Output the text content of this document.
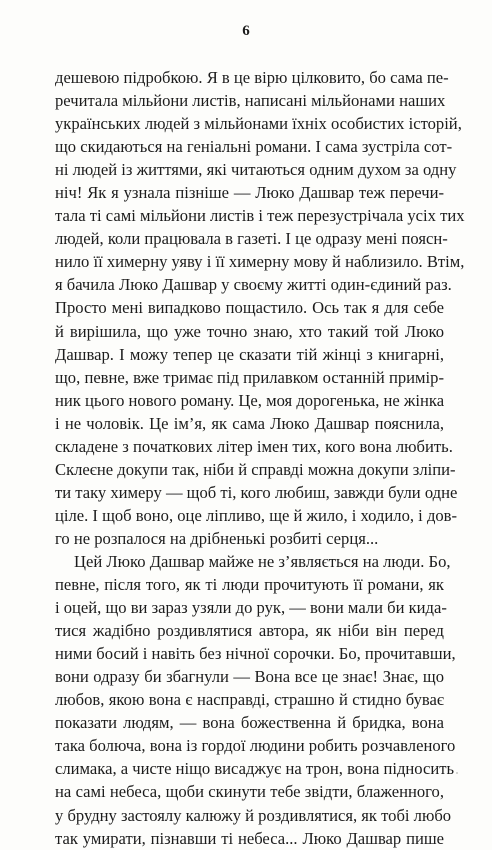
6
дешевою підробкою. Я в це вірю цілковито, бо сама пе-
речитала мільйони листів, написані мільйонами наших
українських людей з мільйонами їхніх особистих історій,
що скидаються на геніальні романи. І сама зустріла сот-
ні людей із життями, які читаються одним духом за одну
ніч! Як я узнала пізніше — Люко Дашвар теж перечи-
тала ті самі мільйони листів і теж перезустрічала усіх тих
людей, коли працювала в газеті. І це одразу мені поясн-
нило її химерну уяву і її химерну мову й наблизило. Втім,
я бачила Люко Дашвар у своєму житті один-єдиний раз.
Просто мені випадково пощастило. Ось так я для себе
й вирішила, що уже точно знаю, хто такий той Люко
Дашвар. І можу тепер це сказати тій жінці з книгарні,
що, певне, вже тримає під прилавком останній примір-
ник цього нового роману. Це, моя дорогенька, не жінка
і не чоловік. Це ім’я, як сама Люко Дашвар пояснила,
складене з початкових літер імен тих, кого вона любить.
Склеєне докупи так, ніби й справді можна докупи зліпи-
ти таку химеру — щоб ті, кого любиш, завжди були одне
ціле. І щоб воно, оце ліпливо, ще й жило, і ходило, і дов-
го не розпалося на дрібненькі розбиті серця...
Цей Люко Дашвар майже не з’являється на люди. Бо,
певне, після того, як ті люди прочитують її романи, як
і оцей, що ви зараз узяли до рук, — вони мали би кида-
тися жадібно роздивлятися автора, як ніби він перед
ними босий і навіть без нічної сорочки. Бо, прочитавши,
вони одразу би збагнули — Вона все це знає! Знає, що
любов, якою вона є насправді, страшно й стидно буває
показати людям, — вона божественна й бридка, вона
така болюча, вона із гордої людини робить розчавленого
слимака, а чисте ніщо висаджує на трон, вона підносить
на самі небеса, щоби скинути тебе звідти, блаженного,
у брудну застоялу калюжу й роздивлятися, як тобі любо
так умирати, пізнавши ті небеса... Люко Дашвар пише
